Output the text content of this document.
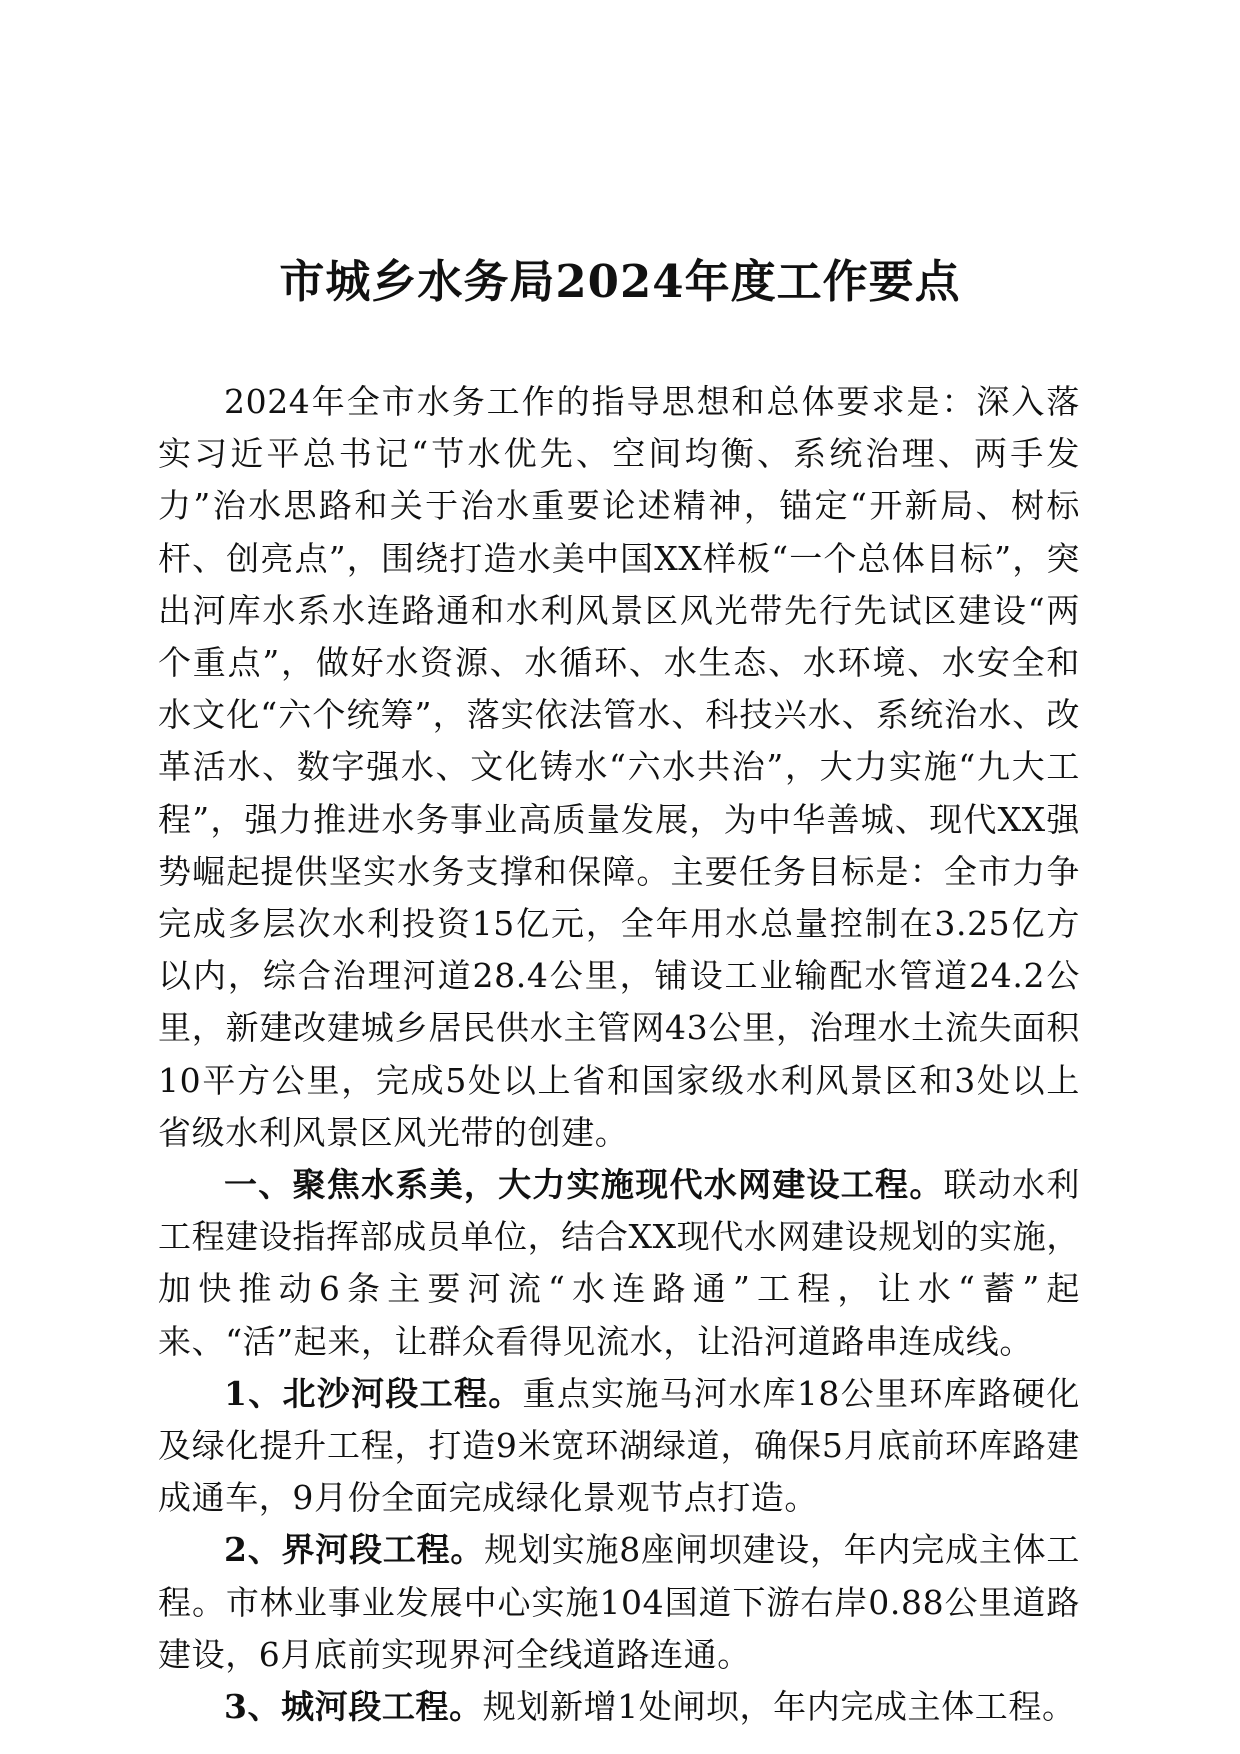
市城乡水务局2024年度工作要点

2024年全市水务工作的指导思想和总体要求是：深入落实习近平总书记“节水优先、空间均衡、系统治理、两手发力”治水思路和关于治水重要论述精神，锚定“开新局、树标杆、创亮点”，围绕打造水美中国XX样板“一个总体目标”，突出河库水系水连路通和水利风景区风光带先行先试区建设“两个重点”，做好水资源、水循环、水生态、水环境、水安全和水文化“六个统筹”，落实依法管水、科技兴水、系统治水、改革活水、数字强水、文化铸水“六水共治”，大力实施“九大工程”，强力推进水务事业高质量发展，为中华善城、现代XX强势崛起提供坚实水务支撑和保障。主要任务目标是：全市力争完成多层次水利投资15亿元，全年用水总量控制在3.25亿方以内，综合治理河道28.4公里，铺设工业输配水管道24.2公里，新建改建城乡居民供水主管网43公里，治理水土流失面积10平方公里，完成5处以上省和国家级水利风景区和3处以上省级水利风景区风光带的创建。

一、聚焦水系美，大力实施现代水网建设工程。联动水利工程建设指挥部成员单位，结合XX现代水网建设规划的实施，加快推动6条主要河流“水连路通”工程，让水“蓄”起来、“活”起来，让群众看得见流水，让沿河道路串连成线。

1、北沙河段工程。重点实施马河水库18公里环库路硬化及绿化提升工程，打造9米宽环湖绿道，确保5月底前环库路建成通车，9月份全面完成绿化景观节点打造。

2、界河段工程。规划实施8座闸坝建设，年内完成主体工程。市林业事业发展中心实施104国道下游右岸0.88公里道路建设，6月底前实现界河全线道路连通。

3、城河段工程。规划新增1处闸坝，年内完成主体工程。
